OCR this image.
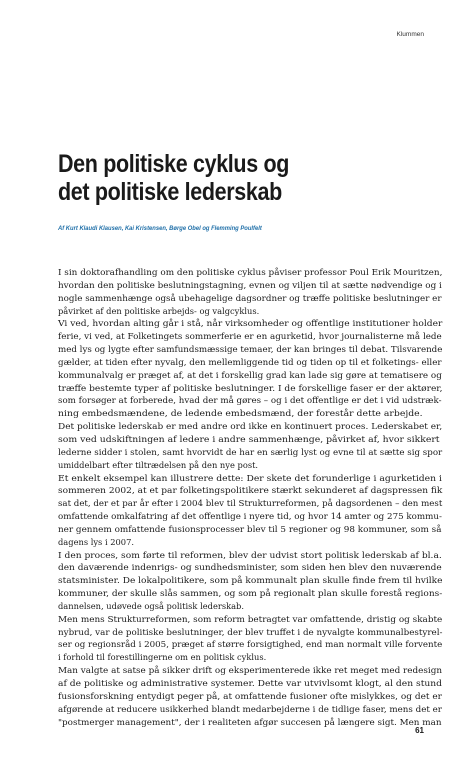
Klummen
Den politiske cyklus og
det politiske lederskab
Af Kurt Klaudi Klausen, Kai Kristensen, Børge Obel og Flemming Poulfelt
I sin doktorafhandling om den politiske cyklus påviser professor Poul Erik Mouritzen,
hvordan den politiske beslutningstagning, evnen og viljen til at sætte nødvendige og i
nogle sammenhænge også ubehagelige dagsordner og træffe politiske beslutninger er
påvirket af den politiske arbejds- og valgcyklus.
Vi ved, hvordan alting går i stå, når virksomheder og offentlige institutioner holder
ferie, vi ved, at Folketingets sommerferie er en agurketid, hvor journalisterne må lede
med lys og lygte efter samfundsmæssige temaer, der kan bringes til debat. Tilsvarende
gælder, at tiden efter nyvalg, den mellemliggende tid og tiden op til et folketings- eller
kommunalvalg er præget af, at det i forskellig grad kan lade sig gøre at tematisere og
træffe bestemte typer af politiske beslutninger. I de forskellige faser er der aktører,
som forsøger at forberede, hvad der må gøres – og i det offentlige er det i vid udstræk-
ning embedsmændene, de ledende embedsmænd, der forestår dette arbejde.
Det politiske lederskab er med andre ord ikke en kontinuert proces. Lederskabet er,
som ved udskiftningen af ledere i andre sammenhænge, påvirket af, hvor sikkert
lederne sidder i stolen, samt hvorvidt de har en særlig lyst og evne til at sætte sig spor
umiddelbart efter tiltrædelsen på den nye post.
Et enkelt eksempel kan illustrere dette: Der skete det forunderlige i agurketiden i
sommeren 2002, at et par folketingspolitikere stærkt sekunderet af dagspressen fik
sat det, der et par år efter i 2004 blev til Strukturreformen, på dagsordenen – den mest
omfattende omkalfatring af det offentlige i nyere tid, og hvor 14 amter og 275 kommu-
ner gennem omfattende fusionsprocesser blev til 5 regioner og 98 kommuner, som så
dagens lys i 2007.
I den proces, som førte til reformen, blev der udvist stort politisk lederskab af bl.a.
den daværende indenrigs- og sundhedsminister, som siden hen blev den nuværende
statsminister. De lokalpolitikere, som på kommunalt plan skulle finde frem til hvilke
kommuner, der skulle slås sammen, og som på regionalt plan skulle forestå regions-
dannelsen, udøvede også politisk lederskab.
Men mens Strukturreformen, som reform betragtet var omfattende, dristig og skabte
nybrud, var de politiske beslutninger, der blev truffet i de nyvalgte kommunalbestyrel-
ser og regionsråd i 2005, præget af større forsigtighed, end man normalt ville forvente
i forhold til forestillingerne om en politisk cyklus.
Man valgte at satse på sikker drift og eksperimenterede ikke ret meget med redesign
af de politiske og administrative systemer. Dette var utvivlsomt klogt, al den stund
fusionsforskning entydigt peger på, at omfattende fusioner ofte mislykkes, og det er
afgørende at reducere usikkerhed blandt medarbejderne i de tidlige faser, mens det er
"postmerger management", der i realiteten afgør succesen på længere sigt. Men man
61
